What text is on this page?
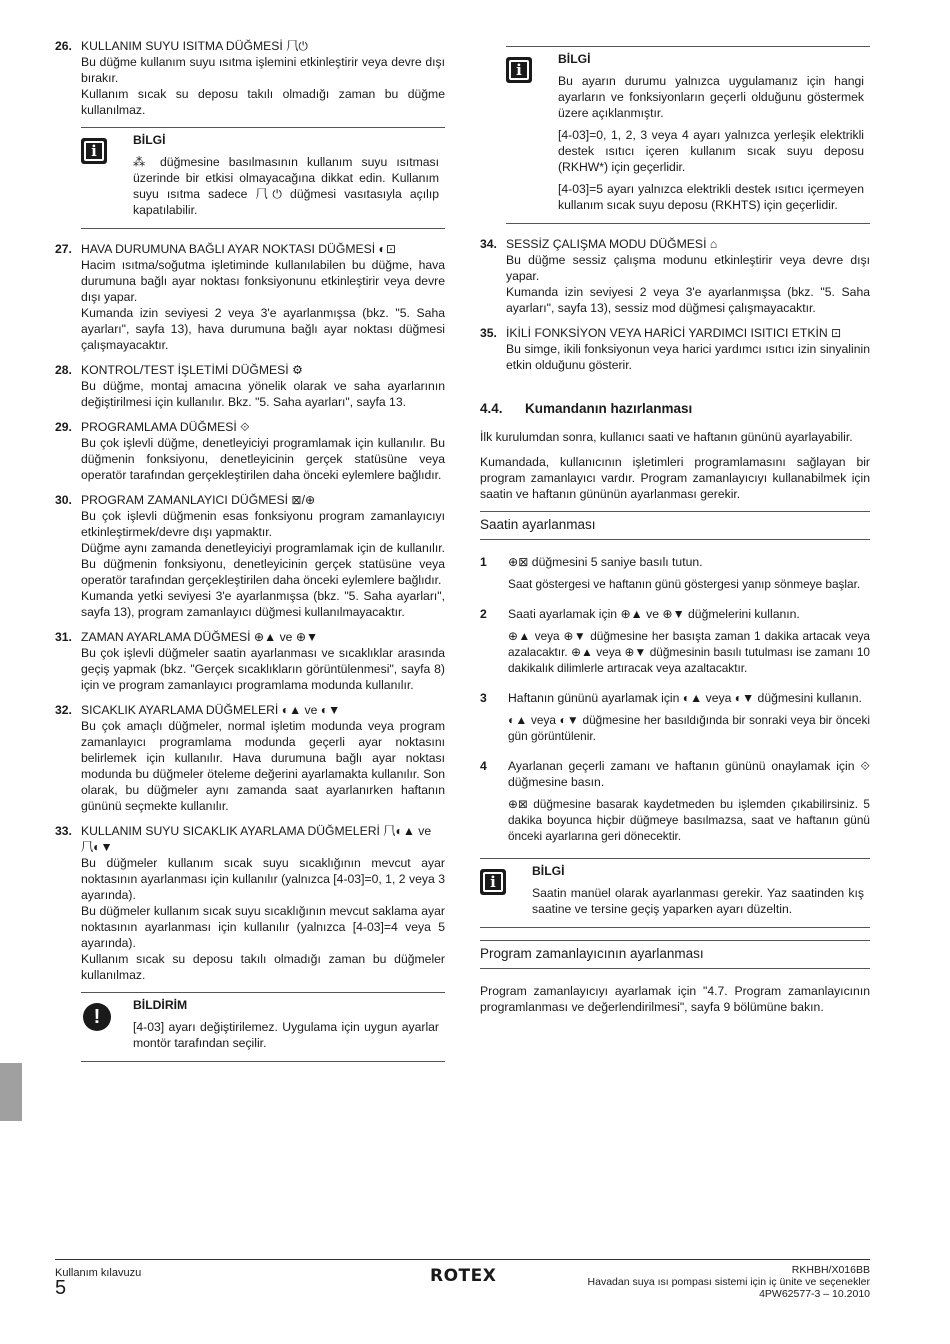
26. KULLANIM SUYU ISITMA DÜĞMESİ ⺇⏻

Bu düğme kullanım suyu ısıtma işlemini etkinleştirir veya devre dışı bırakır.

Kullanım sıcak su deposu takılı olmadığı zaman bu düğme kullanılmaz.

i
BİLGİ

⁂ düğmesine basılmasının kullanım suyu ısıtması üzerinde bir etkisi olmayacağına dikkat edin. Kullanım suyu ısıtma sadece ⺇⏻ düğmesi vasıtasıyla açılıp kapatılabilir.

27. HAVA DURUMUNA BAĞLI AYAR NOKTASI DÜĞMESİ ◐⊡

Hacim ısıtma/soğutma işletiminde kullanılabilen bu düğme, hava durumuna bağlı ayar noktası fonksiyonunu etkinleştirir veya devre dışı yapar.

Kumanda izin seviyesi 2 veya 3'e ayarlanmışsa (bkz. "5. Saha ayarları", sayfa 13), hava durumuna bağlı ayar noktası düğmesi çalışmayacaktır.

28. KONTROL/TEST İŞLETİMİ DÜĞMESİ ⚙

Bu düğme, montaj amacına yönelik olarak ve saha ayarlarının değiştirilmesi için kullanılır. Bkz. "5. Saha ayarları", sayfa 13.

29. PROGRAMLAMA DÜĞMESİ ⟐

Bu çok işlevli düğme, denetleyiciyi programlamak için kullanılır. Bu düğmenin fonksiyonu, denetleyicinin gerçek statüsüne veya operatör tarafından gerçekleştirilen daha önceki eylemlere bağlıdır.

30. PROGRAM ZAMANLAYICI DÜĞMESİ ⊠/⊕

Bu çok işlevli düğmenin esas fonksiyonu program zamanlayıcıyı etkinleştirmek/devre dışı yapmaktır.

Düğme aynı zamanda denetleyiciyi programlamak için de kullanılır. Bu düğmenin fonksiyonu, denetleyicinin gerçek statüsüne veya operatör tarafından gerçekleştirilen daha önceki eylemlere bağlıdır.

Kumanda yetki seviyesi 3'e ayarlanmışsa (bkz. "5. Saha ayarları", sayfa 13), program zamanlayıcı düğmesi kullanılmayacaktır.

31. ZAMAN AYARLAMA DÜĞMESİ ⊕▲ ve ⊕▼

Bu çok işlevli düğmeler saatin ayarlanması ve sıcaklıklar arasında geçiş yapmak (bkz. "Gerçek sıcaklıkların görüntülenmesi", sayfa 8) için ve program zamanlayıcı programlama modunda kullanılır.

32. SICAKLIK AYARLAMA DÜĞMELERİ ◐▲ ve ◐▼

Bu çok amaçlı düğmeler, normal işletim modunda veya program zamanlayıcı programlama modunda geçerli ayar noktasını belirlemek için kullanılır. Hava durumuna bağlı ayar noktası modunda bu düğmeler öteleme değerini ayarlamakta kullanılır. Son olarak, bu düğmeler aynı zamanda saat ayarlanırken haftanın gününü seçmekte kullanılır.

33. KULLANIM SUYU SICAKLIK AYARLAMA DÜĞMELERİ ⺇◐▲ ve ⺇◐▼

Bu düğmeler kullanım sıcak suyu sıcaklığının mevcut ayar noktasının ayarlanması için kullanılır (yalnızca [4-03]=0, 1, 2 veya 3 ayarında).

Bu düğmeler kullanım sıcak suyu sıcaklığının mevcut saklama ayar noktasının ayarlanması için kullanılır (yalnızca [4-03]=4 veya 5 ayarında).

Kullanım sıcak su deposu takılı olmadığı zaman bu düğmeler kullanılmaz.

!
BİLDİRİM

[4-03] ayarı değiştirilemez. Uygulama için uygun ayarlar montör tarafından seçilir.

i
BİLGİ

Bu ayarın durumu yalnızca uygulamanız için hangi ayarların ve fonksiyonların geçerli olduğunu göstermek üzere açıklanmıştır.

[4-03]=0, 1, 2, 3 veya 4 ayarı yalnızca yerleşik elektrikli destek ısıtıcı içeren kullanım sıcak suyu deposu (RKHW*) için geçerlidir.

[4-03]=5 ayarı yalnızca elektrikli destek ısıtıcı içermeyen kullanım sıcak suyu deposu (RKHTS) için geçerlidir.

34. SESSİZ ÇALIŞMA MODU DÜĞMESİ ⌂

Bu düğme sessiz çalışma modunu etkinleştirir veya devre dışı yapar.

Kumanda izin seviyesi 2 veya 3'e ayarlanmışsa (bkz. "5. Saha ayarları", sayfa 13), sessiz mod düğmesi çalışmayacaktır.

35. İKİLİ FONKSİYON VEYA HARİCİ YARDIMCI ISITICI ETKİN ⊡

Bu simge, ikili fonksiyonun veya harici yardımcı ısıtıcı izin sinyalinin etkin olduğunu gösterir.

4.4.	Kumandanın hazırlanması

İlk kurulumdan sonra, kullanıcı saati ve haftanın gününü ayarlayabilir.

Kumandada, kullanıcının işletimleri programlamasını sağlayan bir program zamanlayıcı vardır. Program zamanlayıcıyı kullanabilmek için saatin ve haftanın gününün ayarlanması gerekir.

Saatin ayarlanması
1	⊕⊠ düğmesini 5 saniye basılı tutun.

Saat göstergesi ve haftanın günü göstergesi yanıp sönmeye başlar.

2	Saati ayarlamak için ⊕▲ ve ⊕▼ düğmelerini kullanın.

⊕▲ veya ⊕▼ düğmesine her basışta zaman 1 dakika artacak veya azalacaktır. ⊕▲ veya ⊕▼ düğmesinin basılı tutulması ise zamanı 10 dakikalık dilimlerle artıracak veya azaltacaktır.

3	Haftanın gününü ayarlamak için ◐▲ veya ◐▼ düğmesini kullanın.

◐▲ veya ◐▼ düğmesine her basıldığında bir sonraki veya bir önceki gün görüntülenir.

4	Ayarlanan geçerli zamanı ve haftanın gününü onaylamak için ⟐ düğmesine basın.

⊕⊠ düğmesine basarak kaydetmeden bu işlemden çıkabilirsiniz. 5 dakika boyunca hiçbir düğmeye basılmazsa, saat ve haftanın günü önceki ayarlarına geri dönecektir.

i
BİLGİ

Saatin manüel olarak ayarlanması gerekir. Yaz saatinden kış saatine ve tersine geçiş yaparken ayarı düzeltin.

Program zamanlayıcının ayarlanması

Program zamanlayıcıyı ayarlamak için "4.7. Program zamanlayıcının programlanması ve değerlendirilmesi", sayfa 9 bölümüne bakın.

Kullanım kılavuzu
5
ROTEX	RKHBH/X016BB
Havadan suya ısı pompası sistemi için iç ünite ve seçenekler
4PW62577-3 – 10.2010
